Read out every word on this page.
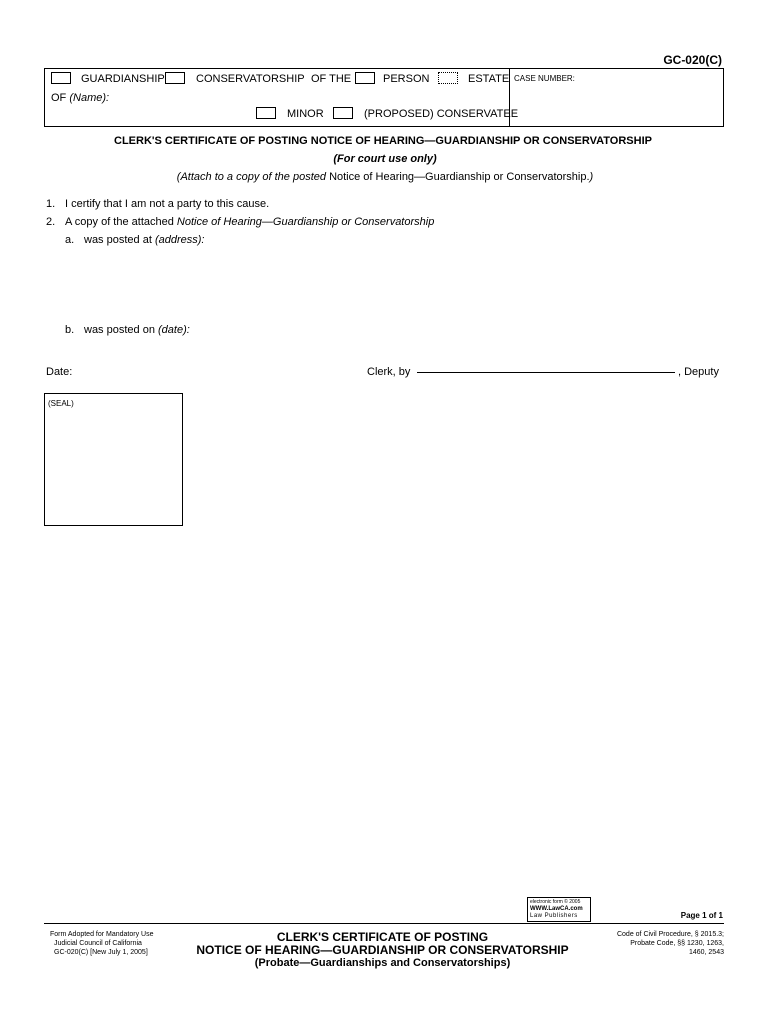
GC-020(C)
CASE NUMBER:
GUARDIANSHIP	CONSERVATORSHIP OF THE	PERSON	ESTATE
OF (Name):
MINOR	(PROPOSED) CONSERVATEE
CLERK'S CERTIFICATE OF POSTING NOTICE OF HEARING—GUARDIANSHIP OR CONSERVATORSHIP
(For court use only)
(Attach to a copy of the posted Notice of Hearing—Guardianship or Conservatorship.)
1. I certify that I am not a party to this cause.
2. A copy of the attached Notice of Hearing—Guardianship or Conservatorship
a. was posted at (address):
b. was posted on (date):
Date:	Clerk, by	, Deputy
(SEAL)
electronic form © 2005
WWW.LawCA.com
Law Publishers	Page 1 of 1
Form Adopted for Mandatory Use
Judicial Council of California
GC-020(C) [New July 1, 2005]
CLERK'S CERTIFICATE OF POSTING
NOTICE OF HEARING—GUARDIANSHIP OR CONSERVATORSHIP
(Probate—Guardianships and Conservatorships)
Code of Civil Procedure, § 2015.3;
Probate Code, §§ 1230, 1263,
1460, 2543
